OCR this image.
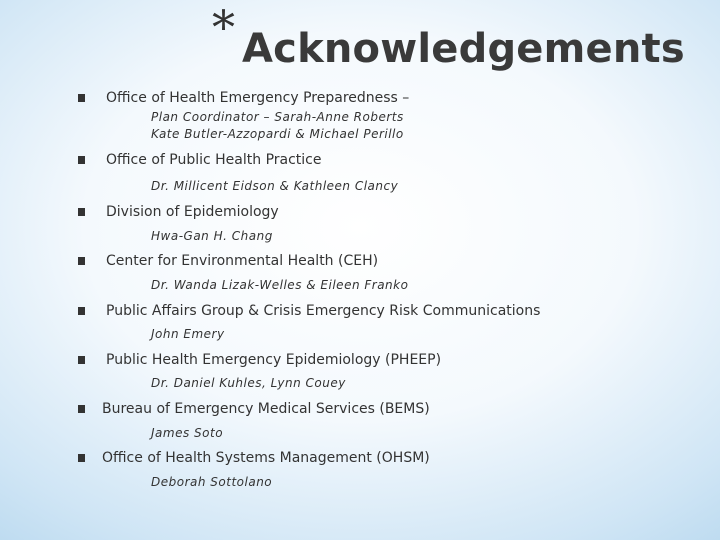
* Acknowledgements
Office of Health Emergency Preparedness –
Plan Coordinator – Sarah-Anne Roberts
Kate Butler-Azzopardi & Michael Perillo
Office of Public Health Practice
Dr. Millicent Eidson & Kathleen Clancy
Division of Epidemiology
Hwa-Gan H. Chang
Center for Environmental Health (CEH)
Dr. Wanda Lizak-Welles & Eileen Franko
Public Affairs Group & Crisis Emergency Risk Communications
John Emery
Public Health Emergency Epidemiology (PHEEP)
Dr. Daniel Kuhles, Lynn Couey
Bureau of Emergency Medical Services (BEMS)
James Soto
Office of Health Systems Management (OHSM)
Deborah Sottolano
